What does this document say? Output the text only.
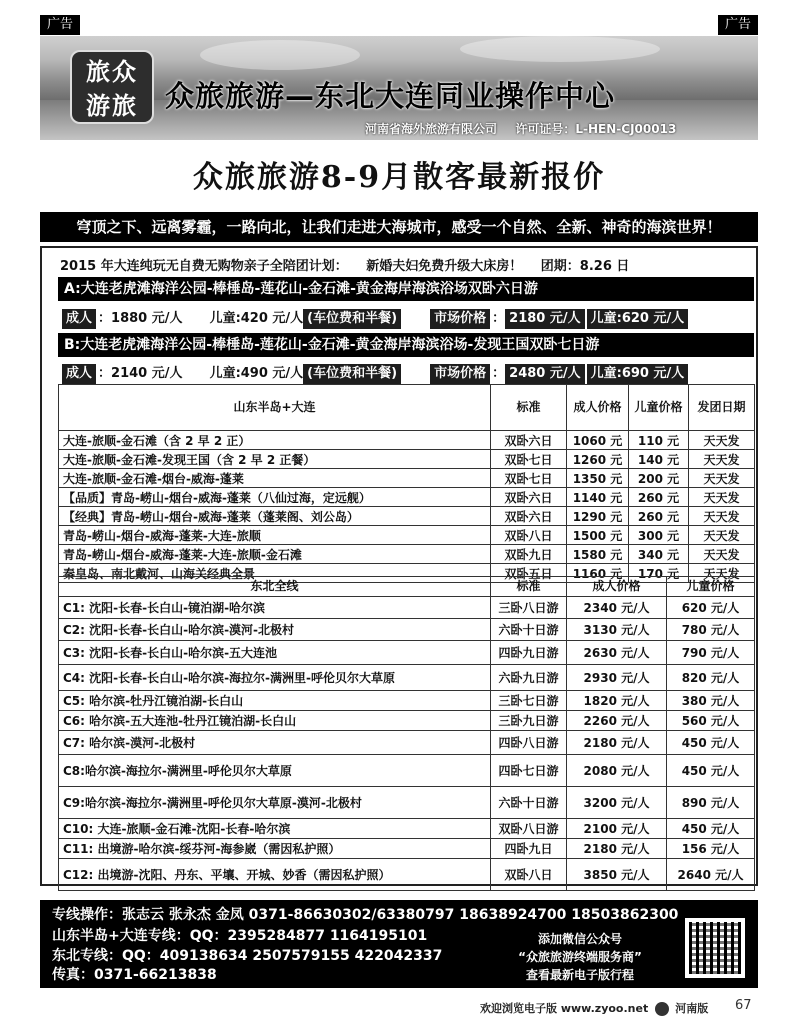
广告	广告
旅众
游旅 众旅旅游—东北大连同业操作中心
河南省海外旅游有限公司 许可证号：L-HEN-CJ00013
众旅旅游8-9月散客最新报价
穹顶之下、远离雾霾，一路向北，让我们走进大海城市，感受一个自然、全新、神奇的海滨世界！
2015 年大连纯玩无自费无购物亲子全陪团计划： 新婚夫妇免费升级大床房！ 团期：8.26 日
A:大连老虎滩海洋公园-棒棰岛-莲花山-金石滩-黄金海岸海滨浴场双卧六日游
成人 ：1880 元/人 儿童:420 元/人 (车位费和半餐)	市场价格 ： 2180 元/人 儿童:620 元/人
B:大连老虎滩海洋公园-棒棰岛-莲花山-金石滩-黄金海岸海滨浴场-发现王国双卧七日游
成人 ：2140 元/人 儿童:490 元/人 (车位费和半餐)	市场价格 ： 2480 元/人 儿童:690 元/人
山东半岛+大连	标准	成人价格	儿童价格	发团日期
大连-旅顺-金石滩（含 2 早 2 正）	双卧六日	1060 元	110 元	天天发
大连-旅顺-金石滩-发现王国（含 2 早 2 正餐）	双卧七日	1260 元	140 元	天天发
大连-旅顺-金石滩-烟台-威海-蓬莱	双卧七日	1350 元	200 元	天天发
【品质】青岛-崂山-烟台-威海-蓬莱（八仙过海，定远舰）	双卧六日	1140 元	260 元	天天发
【经典】青岛-崂山-烟台-威海-蓬莱（蓬莱阁、刘公岛）	双卧六日	1290 元	260 元	天天发
青岛-崂山-烟台-威海-蓬莱-大连-旅顺	双卧八日	1500 元	300 元	天天发
青岛-崂山-烟台-威海-蓬莱-大连-旅顺-金石滩	双卧九日	1580 元	340 元	天天发
秦皇岛、南北戴河、山海关经典全景	双卧五日	1160 元	170 元	天天发
东北全线	标准	成人价格	儿童价格
C1: 沈阳-长春-长白山-镜泊湖-哈尔滨	三卧八日游	2340 元/人	620 元/人
C2: 沈阳-长春-长白山-哈尔滨-漠河-北极村	六卧十日游	3130 元/人	780 元/人
C3: 沈阳-长春-长白山-哈尔滨-五大连池	四卧九日游	2630 元/人	790 元/人
C4: 沈阳-长春-长白山-哈尔滨-海拉尔-满洲里-呼伦贝尔大草原	六卧九日游	2930 元/人	820 元/人
C5: 哈尔滨-牡丹江镜泊湖-长白山	三卧七日游	1820 元/人	380 元/人
C6: 哈尔滨-五大连池-牡丹江镜泊湖-长白山	三卧九日游	2260 元/人	560 元/人
C7: 哈尔滨-漠河-北极村	四卧八日游	2180 元/人	450 元/人
C8:哈尔滨-海拉尔-满洲里-呼伦贝尔大草原	四卧七日游	2080 元/人	450 元/人
C9:哈尔滨-海拉尔-满洲里-呼伦贝尔大草原-漠河-北极村	六卧十日游	3200 元/人	890 元/人
C10: 大连-旅顺-金石滩-沈阳-长春-哈尔滨	双卧八日游	2100 元/人	450 元/人
C11: 出境游-哈尔滨-绥芬河-海参崴（需因私护照）	四卧九日	2180 元/人	156 元/人
C12: 出境游-沈阳、丹东、平壤、开城、妙香（需因私护照）	双卧八日	3850 元/人	2640 元/人
专线操作：张志云 张永杰 金凤 0371-86630302/63380797 18638924700 18503862300
山东半岛+大连专线：QQ：2395284877 1164195101
东北专线：QQ：409138634 2507579155 422042337
传真：0371-66213838
添加微信公众号
“众旅旅游终端服务商”
查看最新电子版行程
欢迎浏览电子版 www.zyoo.net 河南版 67
